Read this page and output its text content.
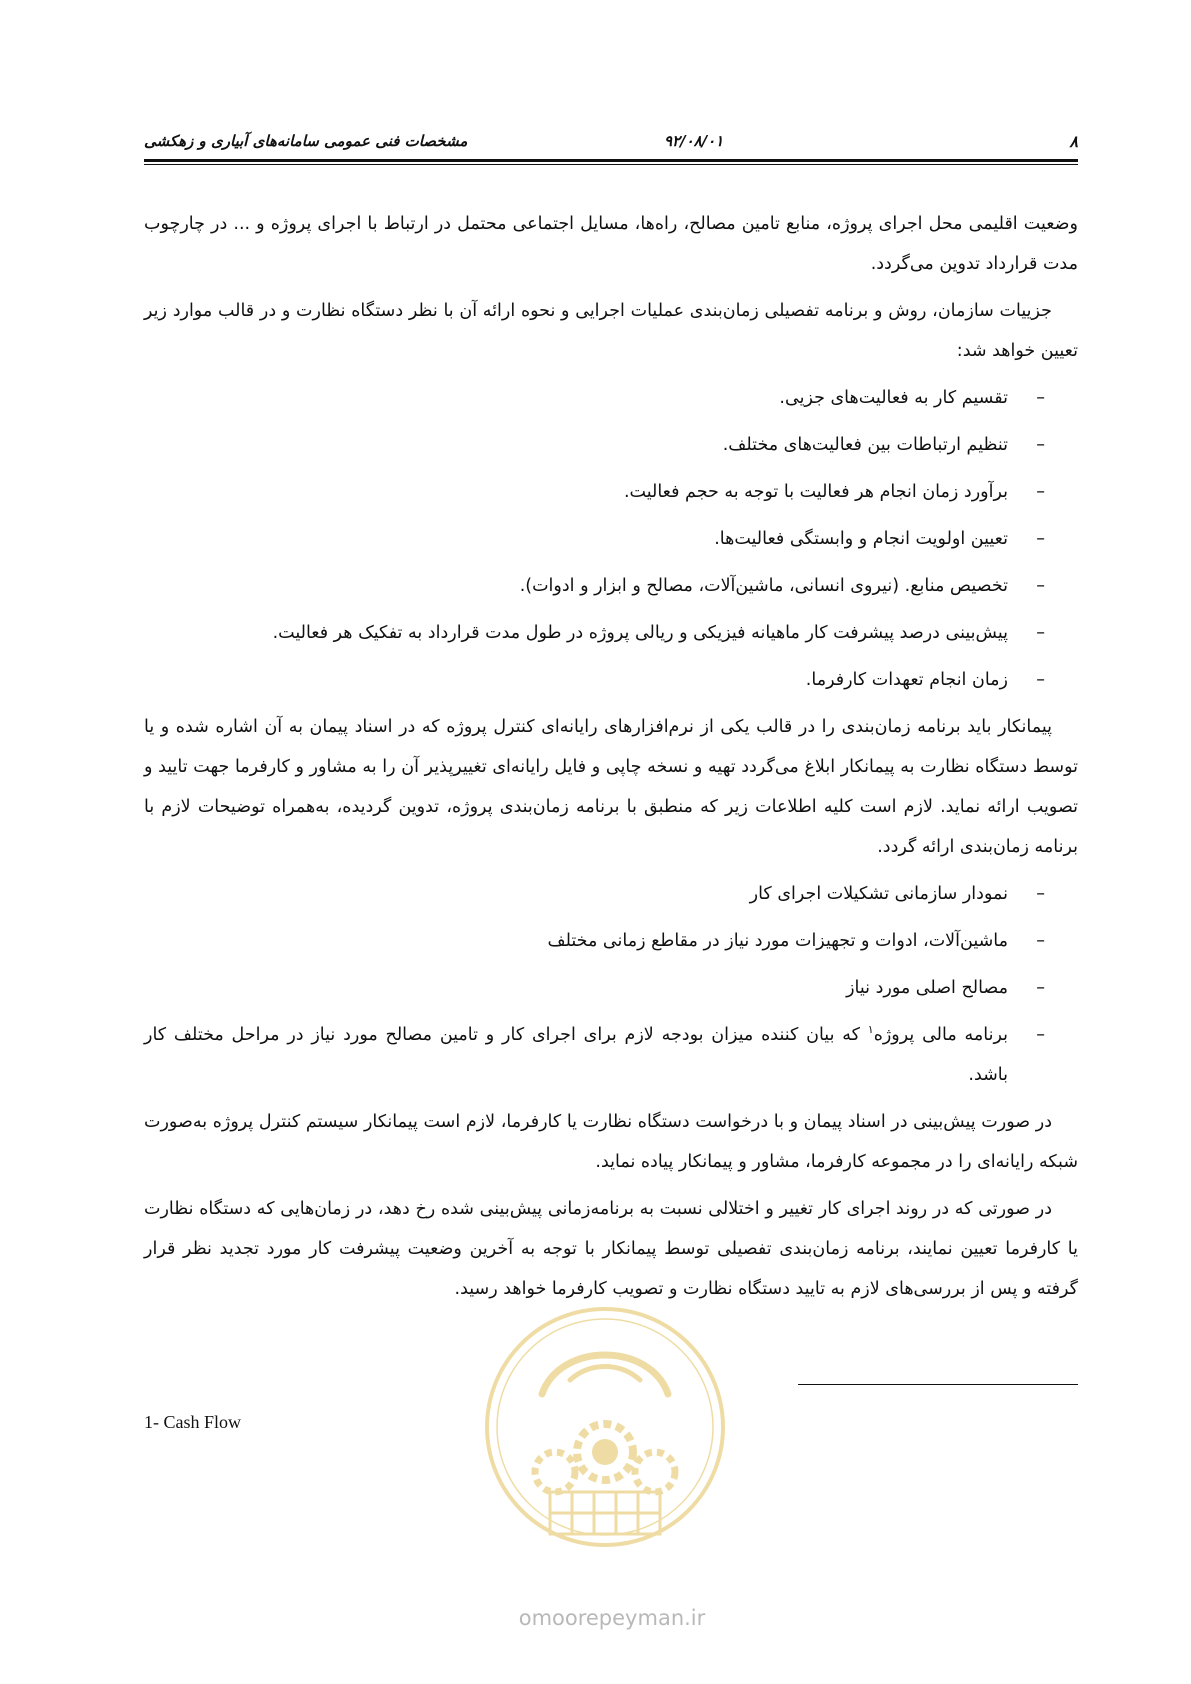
۸
۹۲/۰۸/۰۱
مشخصات فنی عمومی سامانه‌های آبیاری و زهکشی

وضعیت اقلیمی محل اجرای پروژه، منابع تامین مصالح، راه‌ها، مسایل اجتماعی محتمل در ارتباط با اجرای پروژه و ... در چارچوب مدت قرارداد تدوین می‌گردد.

جزییات سازمان، روش و برنامه تفصیلی زمان‌بندی عملیات اجرایی و نحوه ارائه آن با نظر دستگاه نظارت و در قالب موارد زیر تعیین خواهد شد:

– تقسیم کار به فعالیت‌های جزیی.
– تنظیم ارتباطات بین فعالیت‌های مختلف.
– برآورد زمان انجام هر فعالیت با توجه به حجم فعالیت.
– تعیین اولویت انجام و وابستگی فعالیت‌ها.
– تخصیص منابع. (نیروی انسانی، ماشین‌آلات، مصالح و ابزار و ادوات).
– پیش‌بینی درصد پیشرفت کار ماهیانه فیزیکی و ریالی پروژه در طول مدت قرارداد به تفکیک هر فعالیت.
– زمان انجام تعهدات کارفرما.

پیمانکار باید برنامه زمان‌بندی را در قالب یکی از نرم‌افزارهای رایانه‌ای کنترل پروژه که در اسناد پیمان به آن اشاره شده و یا توسط دستگاه نظارت به پیمانکار ابلاغ می‌گردد تهیه و نسخه چاپی و فایل رایانه‌ای تغییرپذیر آن را به مشاور و کارفرما جهت تایید و تصویب ارائه نماید. لازم است کلیه اطلاعات زیر که منطبق با برنامه زمان‌بندی پروژه، تدوین گردیده، به‌همراه توضیحات لازم با برنامه زمان‌بندی ارائه گردد.

– نمودار سازمانی تشکیلات اجرای کار
– ماشین‌آلات، ادوات و تجهیزات مورد نیاز در مقاطع زمانی مختلف
– مصالح اصلی مورد نیاز
– برنامه مالی پروژه$^۱$ که بیان کننده میزان بودجه لازم برای اجرای کار و تامین مصالح مورد نیاز در مراحل مختلف کار باشد.

در صورت پیش‌بینی در اسناد پیمان و با درخواست دستگاه نظارت یا کارفرما، لازم است پیمانکار سیستم کنترل پروژه به‌صورت شبکه رایانه‌ای را در مجموعه کارفرما، مشاور و پیمانکار پیاده نماید.

در صورتی که در روند اجرای کار تغییر و اختلالی نسبت به برنامه‌زمانی پیش‌بینی شده رخ دهد، در زمان‌هایی که دستگاه نظارت یا کارفرما تعیین نمایند، برنامه زمان‌بندی تفصیلی توسط پیمانکار با توجه به آخرین وضعیت پیشرفت کار مورد تجدید نظر قرار گرفته و پس از بررسی‌های لازم به تایید دستگاه نظارت و تصویب کارفرما خواهد رسید.

omoorepeyman.ir
1- Cash Flow
